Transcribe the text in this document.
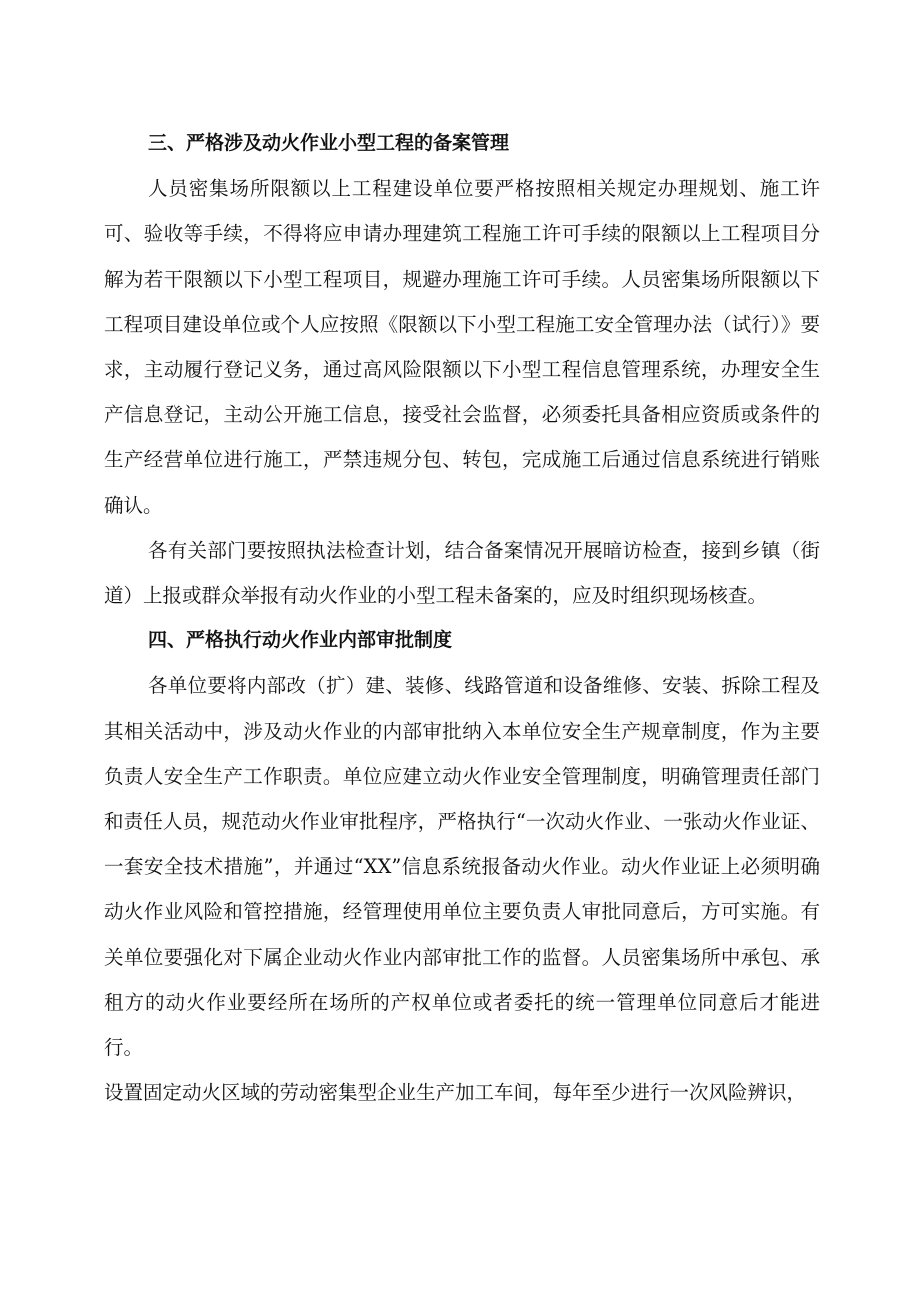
三、严格涉及动火作业小型工程的备案管理

人员密集场所限额以上工程建设单位要严格按照相关规定办理规划、施工许可、验收等手续，不得将应申请办理建筑工程施工许可手续的限额以上工程项目分解为若干限额以下小型工程项目，规避办理施工许可手续。人员密集场所限额以下工程项目建设单位或个人应按照《限额以下小型工程施工安全管理办法（试行）》要求，主动履行登记义务，通过高风险限额以下小型工程信息管理系统，办理安全生产信息登记，主动公开施工信息，接受社会监督，必须委托具备相应资质或条件的生产经营单位进行施工，严禁违规分包、转包，完成施工后通过信息系统进行销账确认。

各有关部门要按照执法检查计划，结合备案情况开展暗访检查，接到乡镇（街道）上报或群众举报有动火作业的小型工程未备案的，应及时组织现场核查。

四、严格执行动火作业内部审批制度

各单位要将内部改（扩）建、装修、线路管道和设备维修、安装、拆除工程及其相关活动中，涉及动火作业的内部审批纳入本单位安全生产规章制度，作为主要负责人安全生产工作职责。单位应建立动火作业安全管理制度，明确管理责任部门和责任人员，规范动火作业审批程序，严格执行“一次动火作业、一张动火作业证、一套安全技术措施”，并通过“XX”信息系统报备动火作业。动火作业证上必须明确动火作业风险和管控措施，经管理使用单位主要负责人审批同意后，方可实施。有关单位要强化对下属企业动火作业内部审批工作的监督。人员密集场所中承包、承租方的动火作业要经所在场所的产权单位或者委托的统一管理单位同意后才能进行。

设置固定动火区域的劳动密集型企业生产加工车间，每年至少进行一次风险辨识，
